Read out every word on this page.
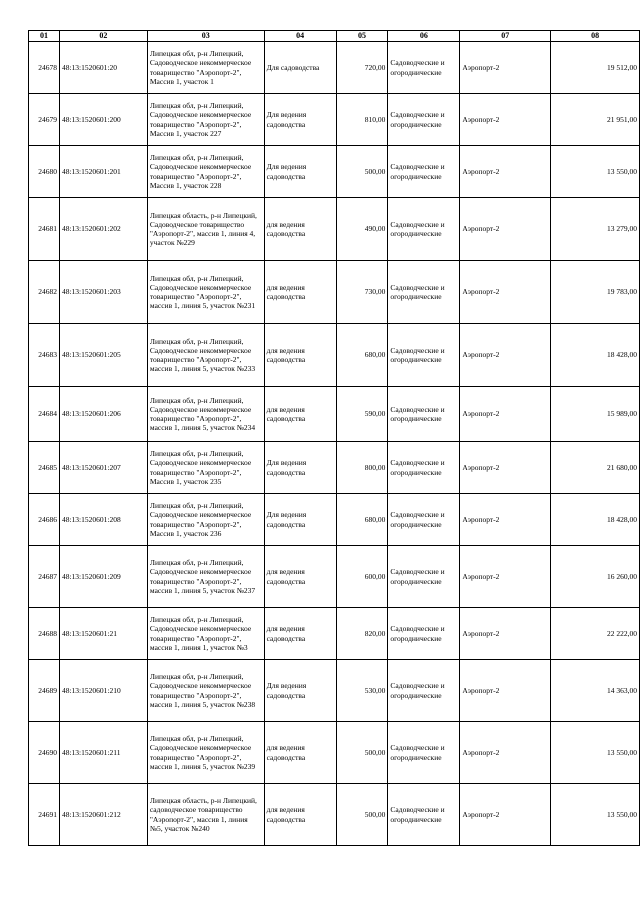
01	02	03	04	05	06	07	08
24678	48:13:1520601:20	Липецкая обл, р-н Липецкий, Садоводческое некоммерческое товарищество "Аэропорт-2", Массив 1, участок 1	Для садоводства	720,00	Садоводческие и огороднические	Аэропорт-2	19 512,00
24679	48:13:1520601:200	Липецкая обл, р-н Липецкий, Садоводческое некоммерческое товарищество "Аэропорт-2", Массив 1, участок 227	Для ведения садоводства	810,00	Садоводческие и огороднические	Аэропорт-2	21 951,00
24680	48:13:1520601:201	Липецкая обл, р-н Липецкий, Садоводческое некоммерческое товарищество "Аэропорт-2", Массив 1, участок 228	Для ведения садоводства	500,00	Садоводческие и огороднические	Аэропорт-2	13 550,00
24681	48:13:1520601:202	Липецкая область, р-н Липецкий, Садоводческое товарищество "Аэропорт-2", массив 1, линия 4, участок №229	для ведения садоводства	490,00	Садоводческие и огороднические	Аэропорт-2	13 279,00
24682	48:13:1520601:203	Липецкая обл, р-н Липецкий, Садоводческое некоммерческое товарищество "Аэропорт-2", массив 1, линия 5, участок №231	для ведения садоводства	730,00	Садоводческие и огороднические	Аэропорт-2	19 783,00
24683	48:13:1520601:205	Липецкая обл, р-н Липецкий, Садоводческое некоммерческое товарищество "Аэропорт-2", массив 1, линия 5, участок №233	для ведения садоводства	680,00	Садоводческие и огороднические	Аэропорт-2	18 428,00
24684	48:13:1520601:206	Липецкая обл, р-н Липецкий, Садоводческое некоммерческое товарищество "Аэропорт-2", массив 1, линия 5, участок №234	для ведения садоводства	590,00	Садоводческие и огороднические	Аэропорт-2	15 989,00
24685	48:13:1520601:207	Липецкая обл, р-н Липецкий, Садоводческое некоммерческое товарищество "Аэропорт-2", Массив 1, участок 235	Для ведения садоводства	800,00	Садоводческие и огороднические	Аэропорт-2	21 680,00
24686	48:13:1520601:208	Липецкая обл, р-н Липецкий, Садоводческое некоммерческое товарищество "Аэропорт-2", Массив 1, участок 236	Для ведения садоводства	680,00	Садоводческие и огороднические	Аэропорт-2	18 428,00
24687	48:13:1520601:209	Липецкая обл, р-н Липецкий, Садоводческое некоммерческое товарищество "Аэропорт-2", массив 1, линия 5, участок №237	для ведения садоводства	600,00	Садоводческие и огороднические	Аэропорт-2	16 260,00
24688	48:13:1520601:21	Липецкая обл, р-н Липецкий, Садоводческое некоммерческое товарищество "Аэропорт-2", массив 1, линия 1, участок №3	для ведения садоводства	820,00	Садоводческие и огороднические	Аэропорт-2	22 222,00
24689	48:13:1520601:210	Липецкая обл, р-н Липецкий, Садоводческое некоммерческое товарищество "Аэропорт-2", массив 1, линия 5, участок №238	Для ведения садоводства	530,00	Садоводческие и огороднические	Аэропорт-2	14 363,00
24690	48:13:1520601:211	Липецкая обл, р-н Липецкий, Садоводческое некоммерческое товарищество "Аэропорт-2", массив 1, линия 5, участок №239	для ведения садоводства	500,00	Садоводческие и огороднические	Аэропорт-2	13 550,00
24691	48:13:1520601:212	Липецкая область, р-н Липецкий, садоводческое товарищество "Аэропорт-2", массив 1, линия №5, участок №240	для ведения садоводства	500,00	Садоводческие и огороднические	Аэропорт-2	13 550,00
